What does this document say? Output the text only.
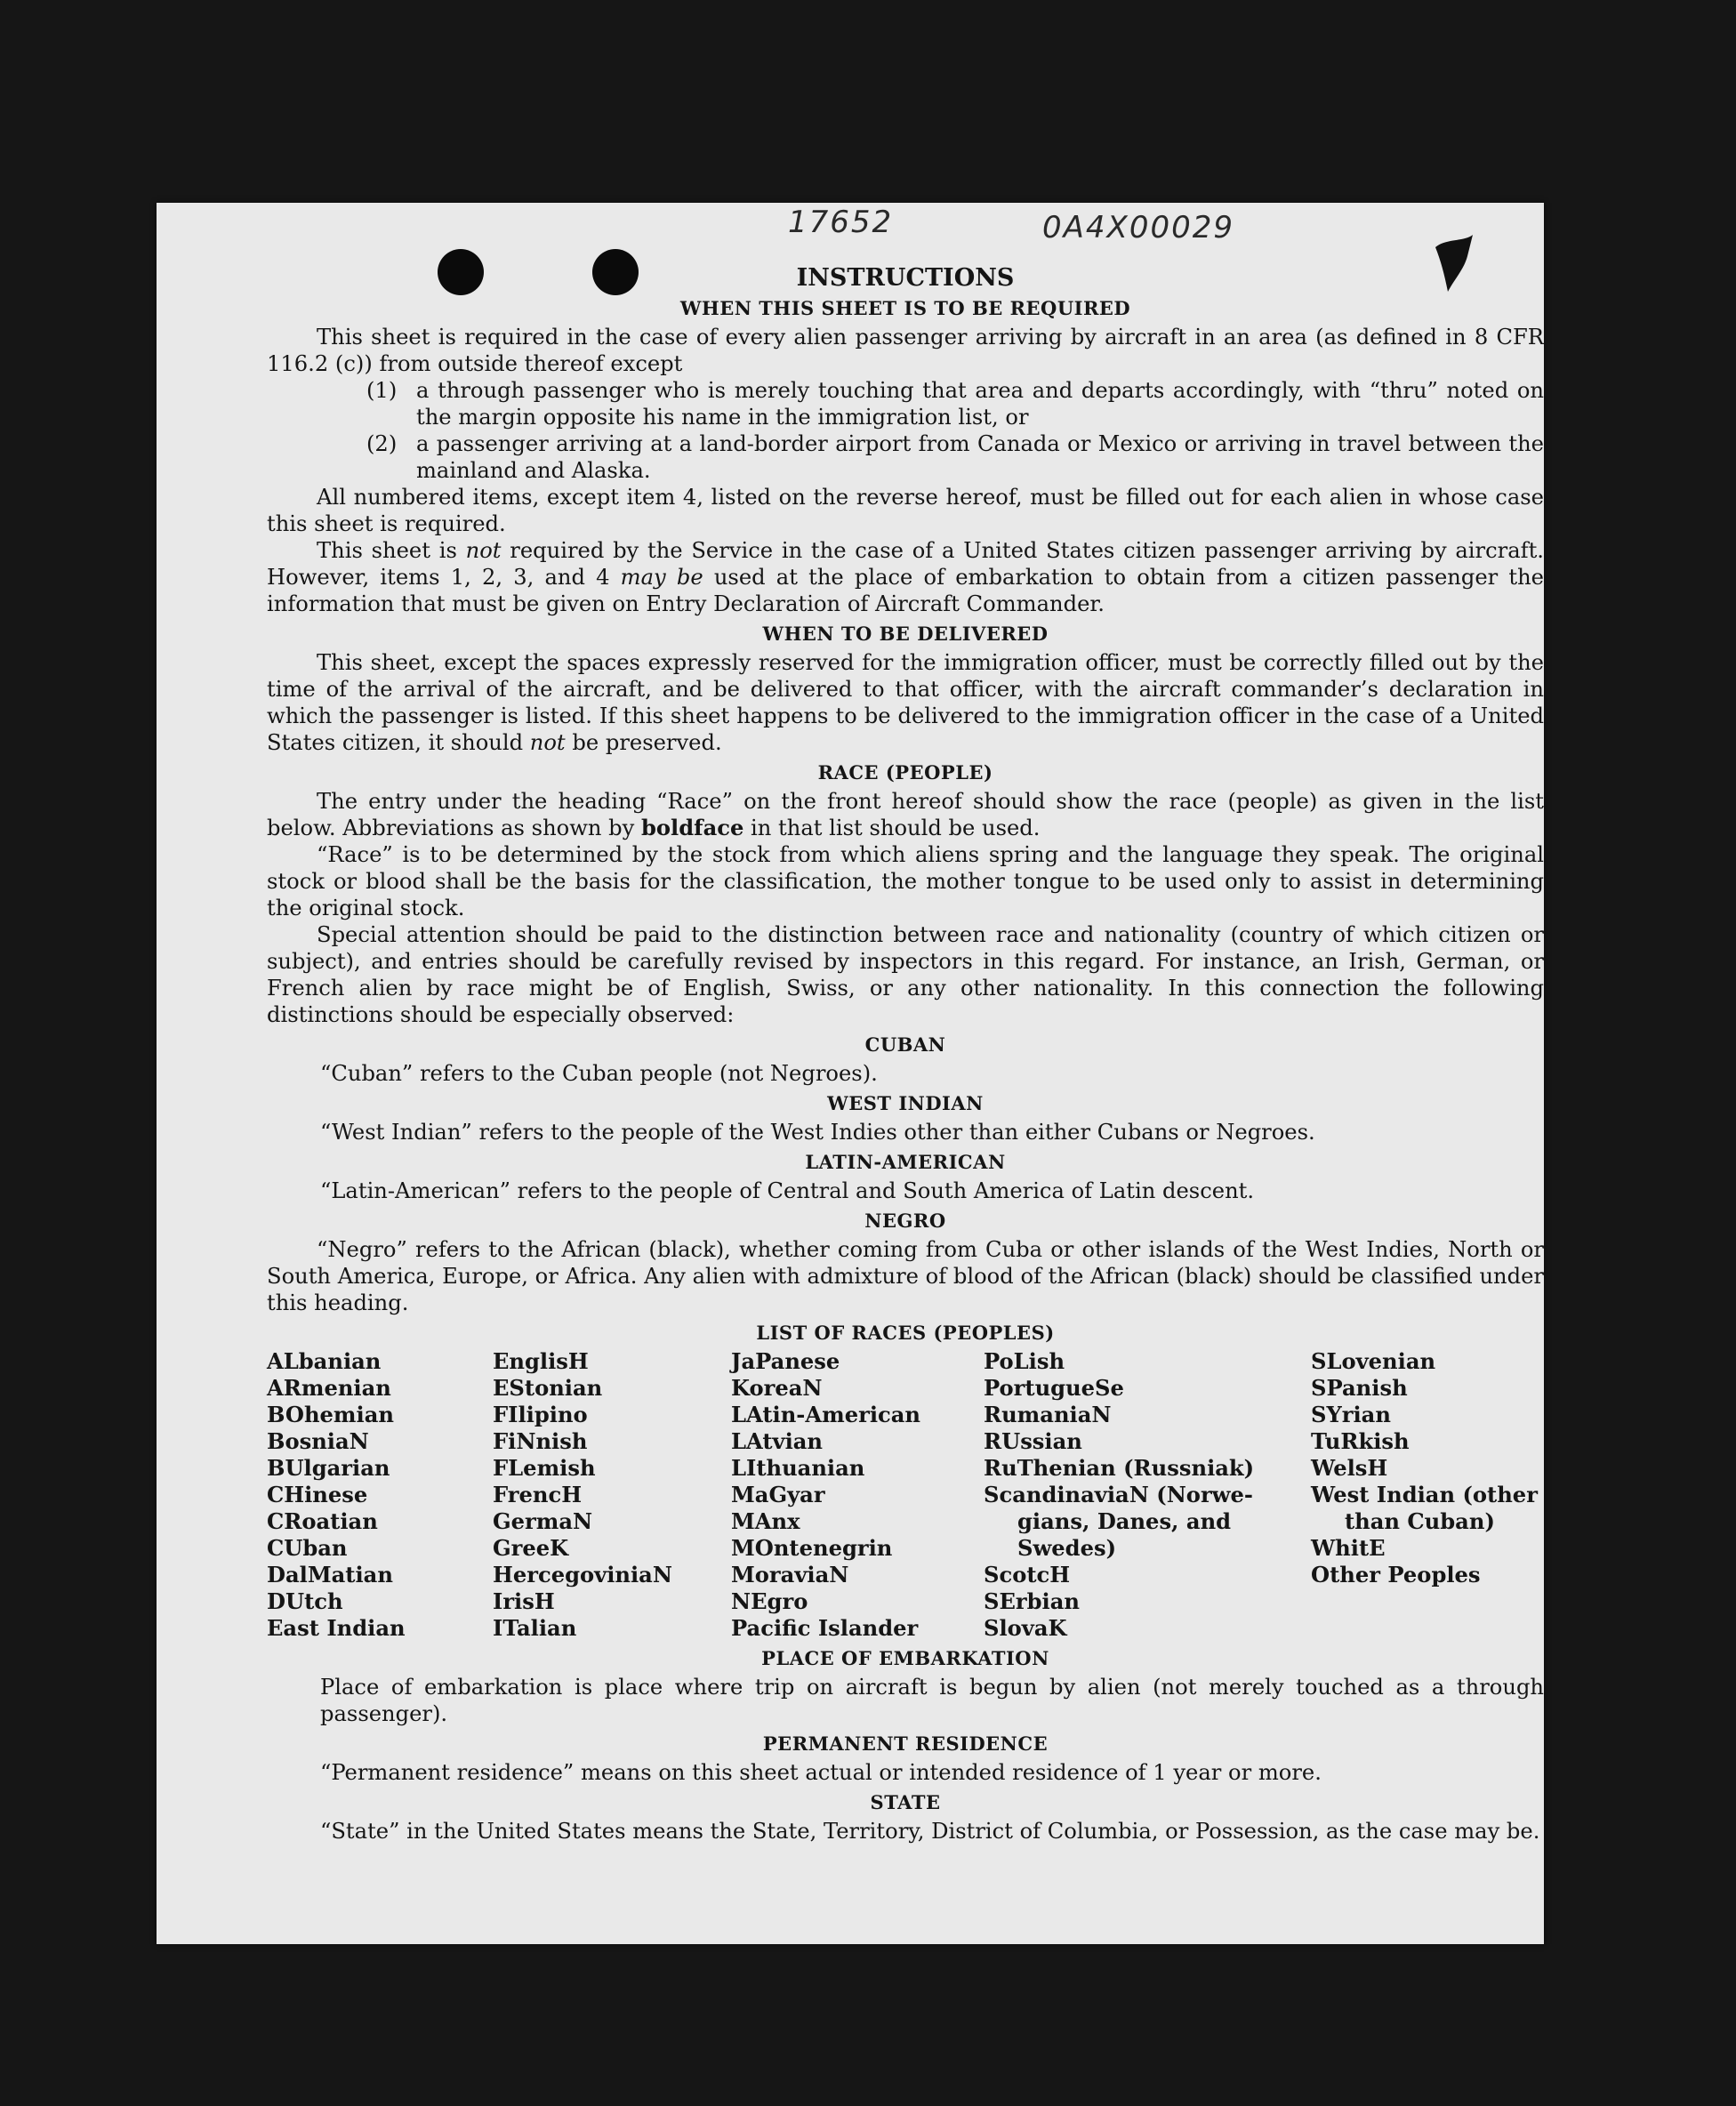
17652	0A4X00029
INSTRUCTIONS
WHEN THIS SHEET IS TO BE REQUIRED

This sheet is required in the case of every alien passenger arriving by aircraft in an area (as defined in 8 CFR 116.2 (c)) from outside thereof except

(1) a through passenger who is merely touching that area and departs accordingly, with “thru” noted on the margin opposite his name in the immigration list, or
(2) a passenger arriving at a land-border airport from Canada or Mexico or arriving in travel between the mainland and Alaska.

All numbered items, except item 4, listed on the reverse hereof, must be filled out for each alien in whose case this sheet is required.

This sheet is not required by the Service in the case of a United States citizen passenger arriving by aircraft. However, items 1, 2, 3, and 4 may be used at the place of embarkation to obtain from a citizen passenger the information that must be given on Entry Declaration of Aircraft Commander.

WHEN TO BE DELIVERED

This sheet, except the spaces expressly reserved for the immigration officer, must be correctly filled out by the time of the arrival of the aircraft, and be delivered to that officer, with the aircraft commander’s declaration in which the passenger is listed. If this sheet happens to be delivered to the immigration officer in the case of a United States citizen, it should not be preserved.

RACE (PEOPLE)

The entry under the heading “Race” on the front hereof should show the race (people) as given in the list below. Abbreviations as shown by boldface in that list should be used.

“Race” is to be determined by the stock from which aliens spring and the language they speak. The original stock or blood shall be the basis for the classification, the mother tongue to be used only to assist in determining the original stock.

Special attention should be paid to the distinction between race and nationality (country of which citizen or subject), and entries should be carefully revised by inspectors in this regard. For instance, an Irish, German, or French alien by race might be of English, Swiss, or any other nationality. In this connection the following distinctions should be especially observed:

CUBAN

“Cuban” refers to the Cuban people (not Negroes).

WEST INDIAN

“West Indian” refers to the people of the West Indies other than either Cubans or Negroes.

LATIN-AMERICAN

“Latin-American” refers to the people of Central and South America of Latin descent.

NEGRO

“Negro” refers to the African (black), whether coming from Cuba or other islands of the West Indies, North or South America, Europe, or Africa. Any alien with admixture of blood of the African (black) should be classified under this heading.

LIST OF RACES (PEOPLES)
ALbanian
ARmenian
BOhemian
BosniaN
BUlgarian
CHinese
CRoatian
CUban
DalMatian
DUtch
East Indian
EnglisH
EStonian
FIlipino
FiNnish
FLemish
FrencH
GermaN
GreeK
HercegoviniaN
IrisH
ITalian
JaPanese
KoreaN
LAtin-American
LAtvian
LIthuanian
MaGyar
MAnx
MOntenegrin
MoraviaN
NEgro
Pacific Islander
PoLish
PortugueSe
RumaniaN
RUssian
RuThenian (Russniak)
ScandinaviaN (Norwe-
gians, Danes, and
Swedes)
ScotcH
SErbian
SlovaK
SLovenian
SPanish
SYrian
TuRkish
WelsH
West Indian (other
than Cuban)
WhitE
Other Peoples
PLACE OF EMBARKATION

Place of embarkation is place where trip on aircraft is begun by alien (not merely touched as a through passenger).

PERMANENT RESIDENCE

“Permanent residence” means on this sheet actual or intended residence of 1 year or more.

STATE

“State” in the United States means the State, Territory, District of Columbia, or Possession, as the case may be.
